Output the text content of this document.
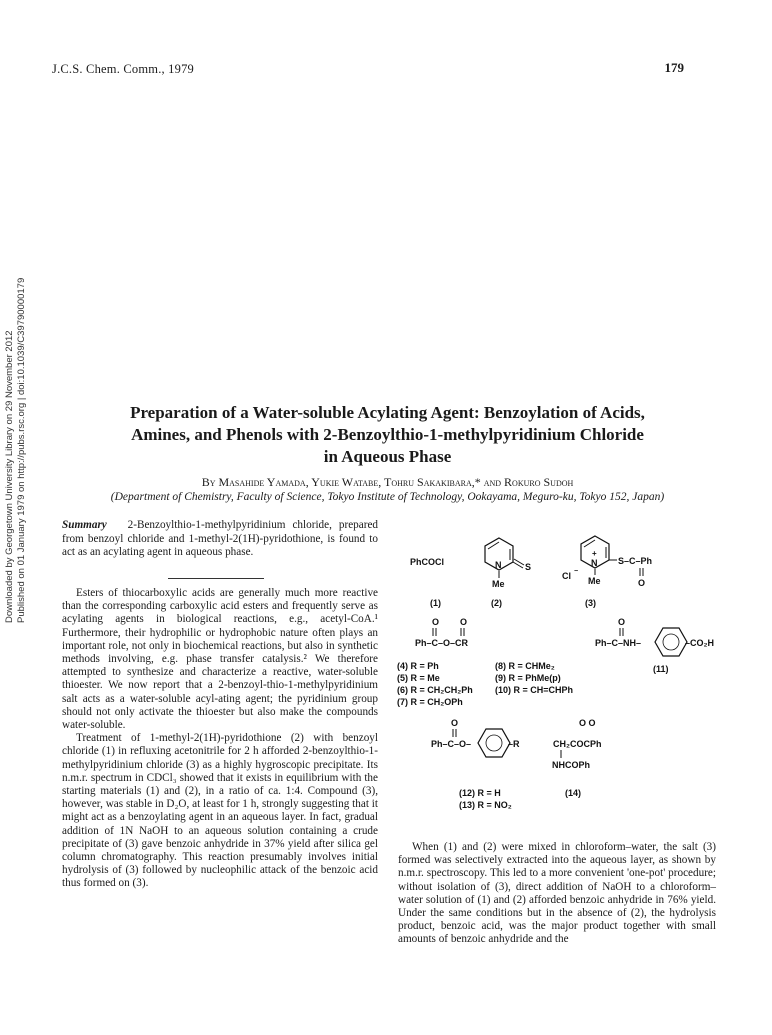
J.C.S. Chem. Comm., 1979	179
Downloaded by Georgetown University Library on 29 November 2012 Published on 01 January 1979 on http://pubs.rsc.org | doi:10.1039/C39790000179	Preparation of a Water-soluble Acylating Agent: Benzoylation of Acids,
Amines, and Phenols with 2-Benzoylthio-1-methylpyridinium Chloride
in Aqueous Phase
By Masahide Yamada, Yukie Watabe, Tohru Sakakibara,* and Rokuro Sudoh
(Department of Chemistry, Faculty of Science, Tokyo Institute of Technology, Ookayama, Meguro-ku, Tokyo 152, Japan)
Summary 2-Benzoylthio-1-methylpyridinium chloride, prepared from benzoyl chloride and 1-methyl-2(1H)-pyridothione, is found to act as an acylating agent in aqueous phase.

Esters of thiocarboxylic acids are generally much more reactive than the corresponding carboxylic acid esters and frequently serve as acylating agents in biological reactions, e.g., acetyl-CoA.¹ Furthermore, their hydrophilic or hydrophobic nature often plays an important role, not only in biochemical reactions, but also in synthetic methods involving, e.g. phase transfer catalysis.² We therefore attempted to synthesize and characterize a reactive, water-soluble thioester. We now report that a 2-benzoyl-thio-1-methylpyridinium salt acts as a water-soluble acyl-ating agent; the pyridinium group should not only activate the thioester but also make the compounds water-soluble.

Treatment of 1-methyl-2(1H)-pyridothione (2) with benzoyl chloride (1) in refluxing acetonitrile for 2 h afforded 2-benzoylthio-1-methylpyridinium chloride (3) as a highly hygroscopic precipitate. Its n.m.r. spectrum in CDCl₃ showed that it exists in equilibrium with the starting materials (1) and (2), in a ratio of ca. 1:4. Compound (3), however, was stable in D₂O, at least for 1 h, strongly suggesting that it might act as a benzoylating agent in an aqueous layer. In fact, gradual addition of 1N NaOH to an aqueous solution containing a crude precipitate of (3) gave benzoic anhydride in 37% yield after silica gel column chromatography. This reaction presumably involves initial hydrolysis of (3) followed by nucleophilic attack of the benzoic acid thus formed on (3).

When (1) and (2) were mixed in chloroform–water, the salt (3) formed was selectively extracted into the aqueous layer, as shown by n.m.r. spectroscopy. This led to a more convenient 'one-pot' procedure; without isolation of (3), direct addition of NaOH to a chloroform–water solution of (1) and (2) afforded benzoic anhydride in 76% yield. Under the same conditions but in the absence of (2), the hydrolysis product, benzoic acid, was the major product together with small amounts of benzoic anhydride and the

PhCOCl
(1)
S
N
Me
(2)
N
+
S–C–Ph
O
Cl −
Me
(3)
O O
Ph–C–O–CR
(4) R = Ph
(5) R = Me
(6) R = CH₂CH₂Ph
(7) R = CH₂OPh
(8) R = CHMe₂
(9) R = PhMe(p)
(10) R = CH=CHPh
O
Ph–C–NH–	–CO₂H
(11)
O
Ph–C–O–	–R
(12) R = H
(13) R = NO₂
O O
CH₂COCPh
NHCOPh
(14)
